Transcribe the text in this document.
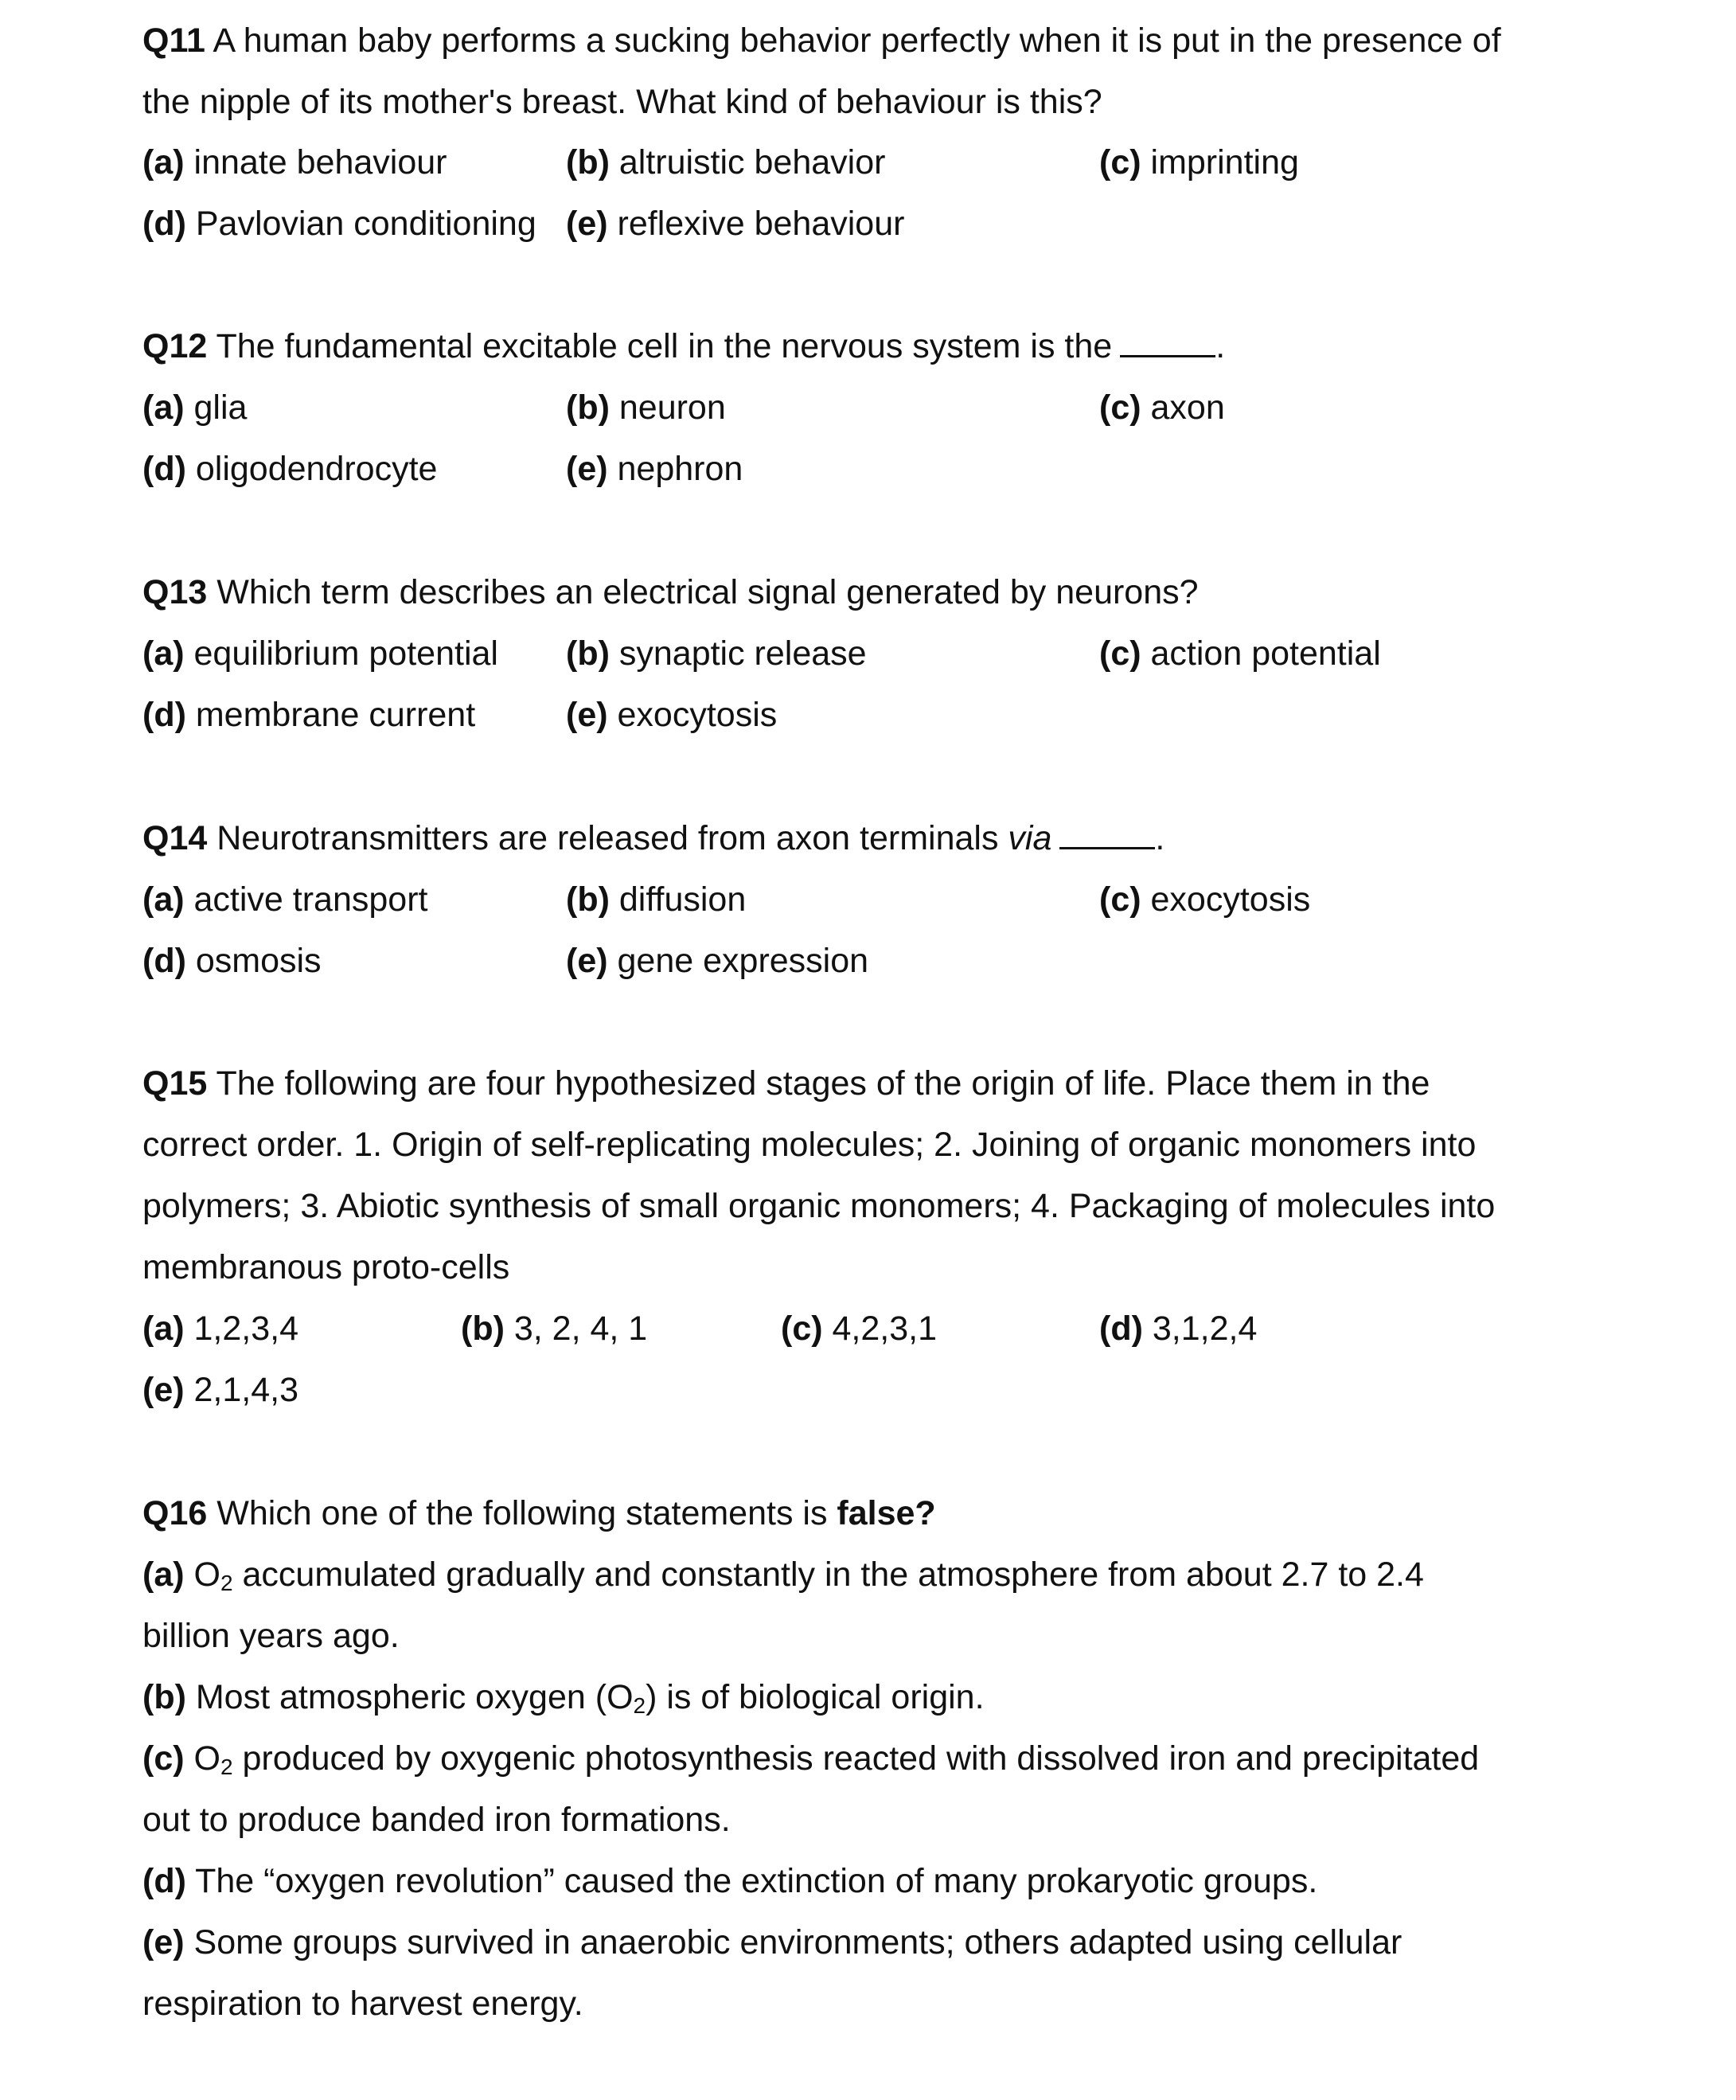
Q11 A human baby performs a sucking behavior perfectly when it is put in the presence of
the nipple of its mother's breast. What kind of behaviour is this?
(a) innate behaviour	(b) altruistic behavior	(c) imprinting
(d) Pavlovian conditioning (e) reflexive behaviour
Q12 The fundamental excitable cell in the nervous system is the	.
(a) glia	(b) neuron	(c) axon
(d) oligodendrocyte	(e) nephron
Q13 Which term describes an electrical signal generated by neurons?
(a) equilibrium potential (b) synaptic release	(c) action potential
(d) membrane current	(e) exocytosis
Q14 Neurotransmitters are released from axon terminals via	.
(a) active transport	(b) diffusion	(c) exocytosis
(d) osmosis	(e) gene expression
Q15 The following are four hypothesized stages of the origin of life. Place them in the
correct order. 1. Origin of self-replicating molecules; 2. Joining of organic monomers into
polymers; 3. Abiotic synthesis of small organic monomers; 4. Packaging of molecules into
membranous proto-cells
(a) 1,2,3,4	(b) 3, 2, 4, 1	(c) 4,2,3,1	(d) 3,1,2,4
(e) 2,1,4,3
Q16 Which one of the following statements is false?
(a) $O_2$ accumulated gradually and constantly in the atmosphere from about 2.7 to 2.4
billion years ago.
(b) Most atmospheric oxygen $(O_2)$ is of biological origin.
(c) $O_2$ produced by oxygenic photosynthesis reacted with dissolved iron and precipitated
out to produce banded iron formations.
(d) The “oxygen revolution” caused the extinction of many prokaryotic groups.
(e) Some groups survived in anaerobic environments; others adapted using cellular
respiration to harvest energy.
